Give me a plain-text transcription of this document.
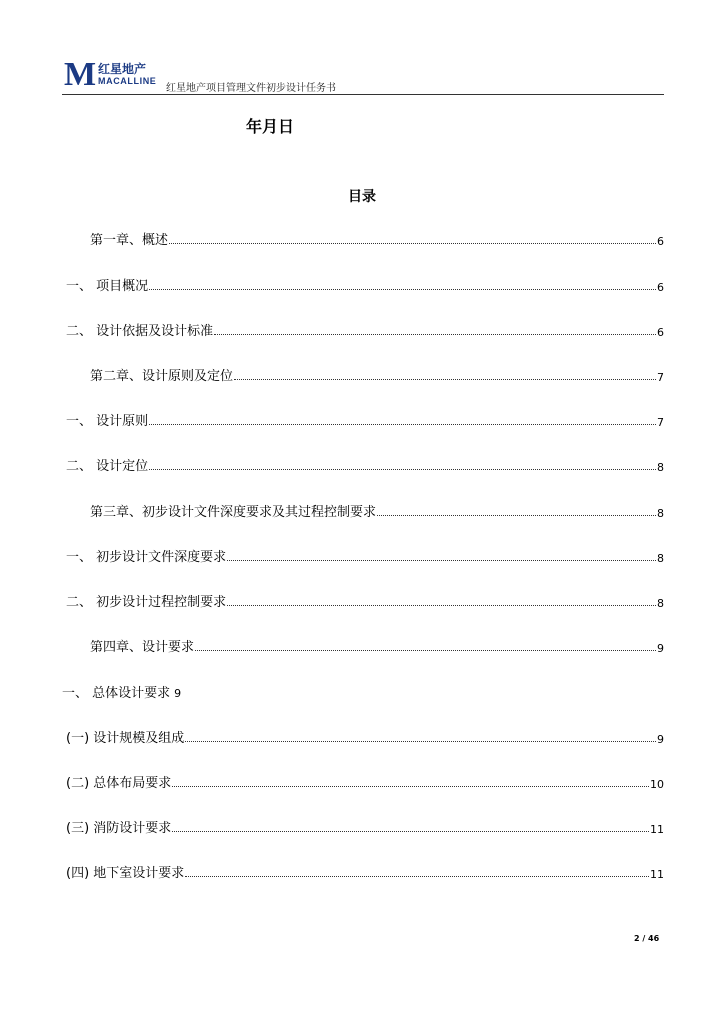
M 红星地产
MACALLINE
红星地产项目管理文件初步设计任务书
年月日
目录
第一章、概述	6
一、 项目概况	6
二、 设计依据及设计标准	6
第二章、设计原则及定位	7
一、 设计原则	7
二、 设计定位	8
第三章、初步设计文件深度要求及其过程控制要求	8
一、 初步设计文件深度要求	8
二、 初步设计过程控制要求	8
第四章、设计要求	9
一、 总体设计要求 9
(一) 设计规模及组成	9
(二) 总体布局要求	10
(三) 消防设计要求	11
(四) 地下室设计要求	11
2 / 46
